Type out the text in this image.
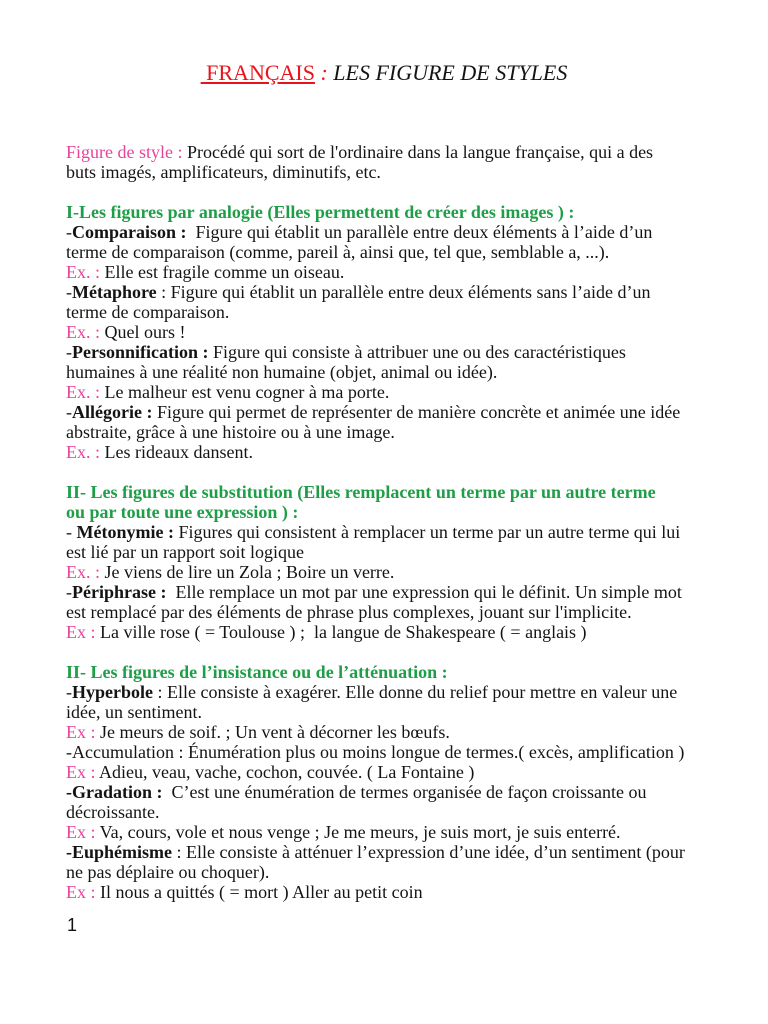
FRANÇAIS : LES FIGURE DE STYLES
Figure de style : Procédé qui sort de l'ordinaire dans la langue française, qui a des
buts imagés, amplificateurs, diminutifs, etc.
I-Les figures par analogie (Elles permettent de créer des images ) :
-Comparaison :  Figure qui établit un parallèle entre deux éléments à l’aide d’un
terme de comparaison (comme, pareil à, ainsi que, tel que, semblable a, ...).
Ex. : Elle est fragile comme un oiseau.
-Métaphore : Figure qui établit un parallèle entre deux éléments sans l’aide d’un
terme de comparaison.
Ex. : Quel ours !
-Personnification : Figure qui consiste à attribuer une ou des caractéristiques
humaines à une réalité non humaine (objet, animal ou idée).
Ex. : Le malheur est venu cogner à ma porte.
-Allégorie : Figure qui permet de représenter de manière concrète et animée une idée
abstraite, grâce à une histoire ou à une image.
Ex. : Les rideaux dansent.
II- Les figures de substitution (Elles remplacent un terme par un autre terme
ou par toute une expression ) :
- Métonymie : Figures qui consistent à remplacer un terme par un autre terme qui lui
est lié par un rapport soit logique
Ex. : Je viens de lire un Zola ; Boire un verre.
-Périphrase :  Elle remplace un mot par une expression qui le définit. Un simple mot
est remplacé par des éléments de phrase plus complexes, jouant sur l'implicite.
Ex : La ville rose ( = Toulouse ) ;  la langue de Shakespeare ( = anglais )
II- Les figures de l’insistance ou de l’atténuation :
-Hyperbole : Elle consiste à exagérer. Elle donne du relief pour mettre en valeur une
idée, un sentiment.
Ex : Je meurs de soif. ; Un vent à décorner les bœufs.
-Accumulation : Énumération plus ou moins longue de termes.( excès, amplification )
Ex : Adieu, veau, vache, cochon, couvée. ( La Fontaine )
-Gradation :  C’est une énumération de termes organisée de façon croissante ou
décroissante.
Ex : Va, cours, vole et nous venge ; Je me meurs, je suis mort, je suis enterré.
-Euphémisme : Elle consiste à atténuer l’expression d’une idée, d’un sentiment (pour
ne pas déplaire ou choquer).
Ex : Il nous a quittés ( = mort ) Aller au petit coin
1
